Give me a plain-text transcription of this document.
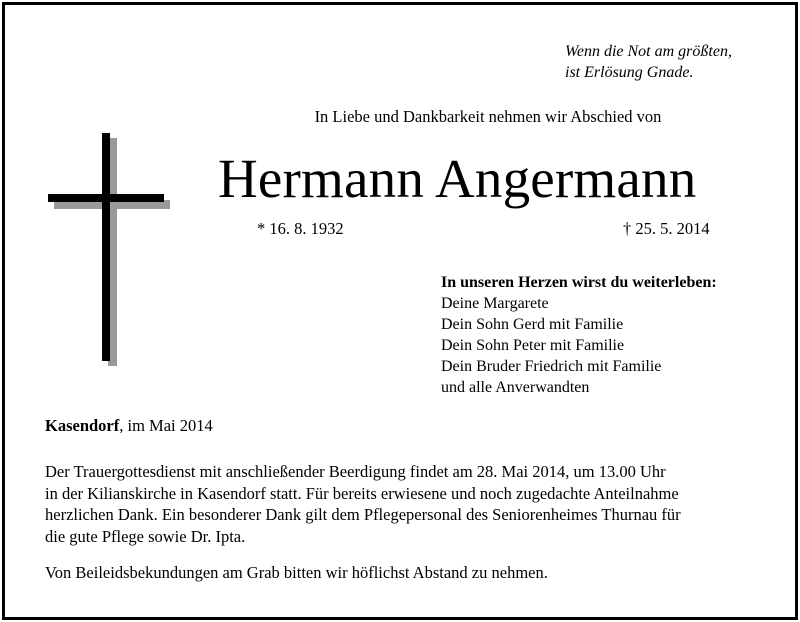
Wenn die Not am größten,
ist Erlösung Gnade.
In Liebe und Dankbarkeit nehmen wir Abschied von
Hermann Angermann
* 16. 8. 1932	† 25. 5. 2014
In unseren Herzen wirst du weiterleben:
Deine Margarete
Dein Sohn Gerd mit Familie
Dein Sohn Peter mit Familie
Dein Bruder Friedrich mit Familie
und alle Anverwandten
Kasendorf, im Mai 2014

Der Trauergottesdienst mit anschließender Beerdigung findet am 28. Mai 2014, um 13.00 Uhr

in der Kilianskirche in Kasendorf statt. Für bereits erwiesene und noch zugedachte Anteilnahme

herzlichen Dank. Ein besonderer Dank gilt dem Pflegepersonal des Seniorenheimes Thurnau für

die gute Pflege sowie Dr. Ipta.

Von Beileidsbekundungen am Grab bitten wir höflichst Abstand zu nehmen.
